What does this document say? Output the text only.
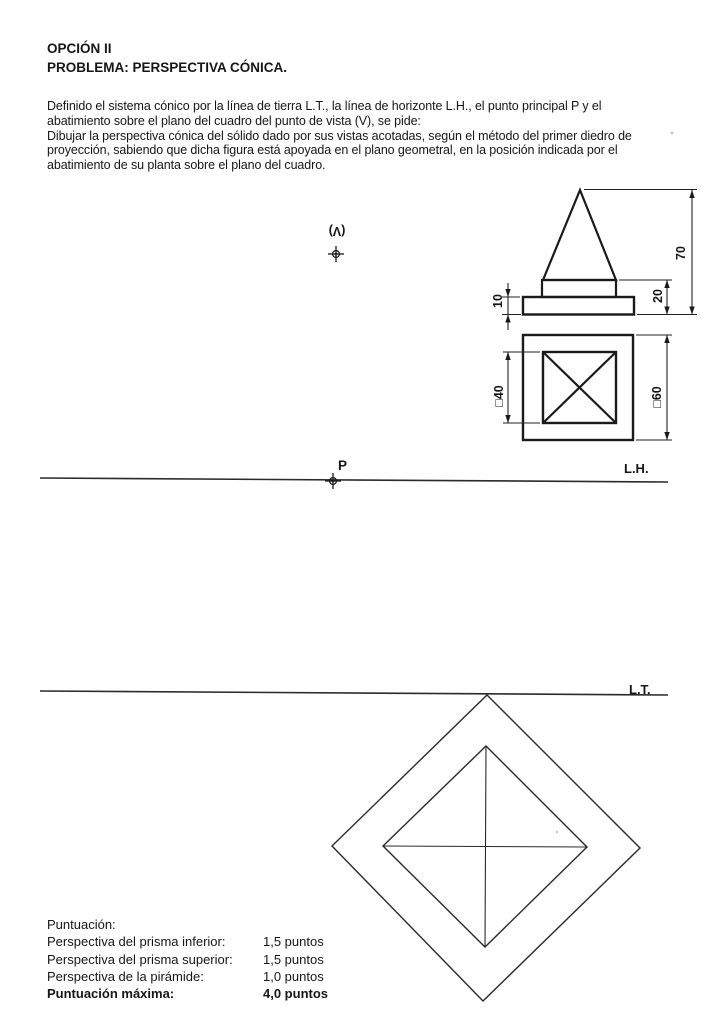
OPCIÓN II
PROBLEMA: PERSPECTIVA CÓNICA.
Definido el sistema cónico por la línea de tierra L.T., la línea de horizonte L.H., el punto principal P y el
abatimiento sobre el plano del cuadro del punto de vista (V), se pide:
Dibujar la perspectiva cónica del sólido dado por sus vistas acotadas, según el método del primer diedro de
proyección, sabiendo que dicha figura está apoyada en el plano geometral, en la posición indicada por el
abatimiento de su planta sobre el plano del cuadro.
(V)
P	L.H.
L.T.
70
20
10
□40	□60
Puntuación:
Perspectiva del prisma inferior:	1,5 puntos
Perspectiva del prisma superior: 1,5 puntos
Perspectiva de la pirámide:	1,0 puntos
Puntuación máxima:	4,0 puntos
